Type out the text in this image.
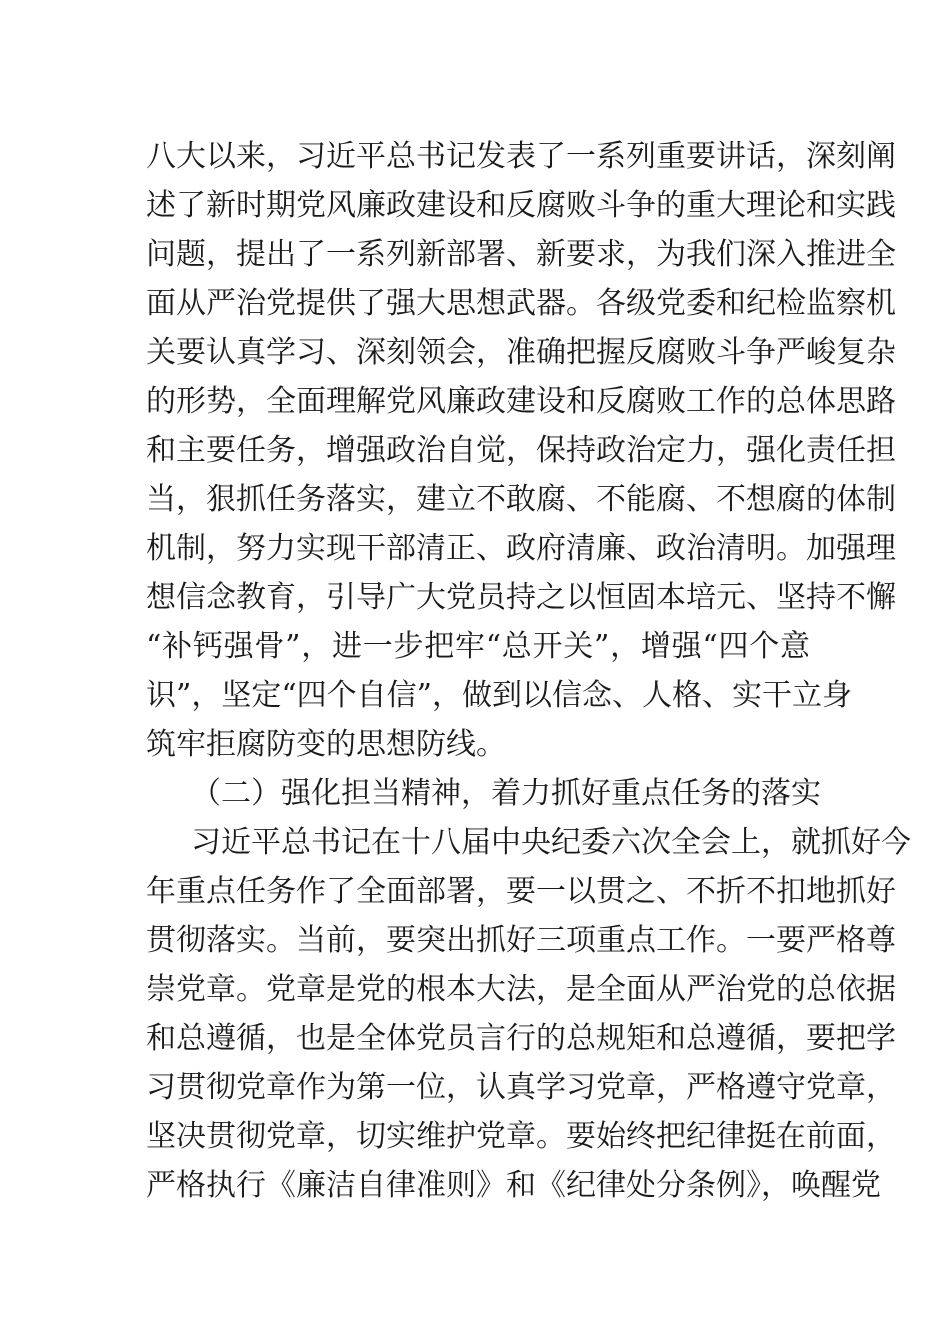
八大以来，习近平总书记发表了一系列重要讲话，深刻阐
述了新时期党风廉政建设和反腐败斗争的重大理论和实践
问题，提出了一系列新部署、新要求，为我们深入推进全
面从严治党提供了强大思想武器。各级党委和纪检监察机
关要认真学习、深刻领会，准确把握反腐败斗争严峻复杂
的形势，全面理解党风廉政建设和反腐败工作的总体思路
和主要任务，增强政治自觉，保持政治定力，强化责任担
当，狠抓任务落实，建立不敢腐、不能腐、不想腐的体制
机制，努力实现干部清正、政府清廉、政治清明。加强理
想信念教育，引导广大党员持之以恒固本培元、坚持不懈
“补钙强骨”，进一步把牢“总开关”，增强“四个意
识”，坚定“四个自信”，做到以信念、人格、实干立身
筑牢拒腐防变的思想防线。
（二）强化担当精神，着力抓好重点任务的落实
习近平总书记在十八届中央纪委六次全会上，就抓好今
年重点任务作了全面部署，要一以贯之、不折不扣地抓好
贯彻落实。当前，要突出抓好三项重点工作。一要严格尊
崇党章。党章是党的根本大法，是全面从严治党的总依据
和总遵循，也是全体党员言行的总规矩和总遵循，要把学
习贯彻党章作为第一位，认真学习党章，严格遵守党章，
坚决贯彻党章，切实维护党章。要始终把纪律挺在前面，
严格执行《廉洁自律准则》和《纪律处分条例》，唤醒党
